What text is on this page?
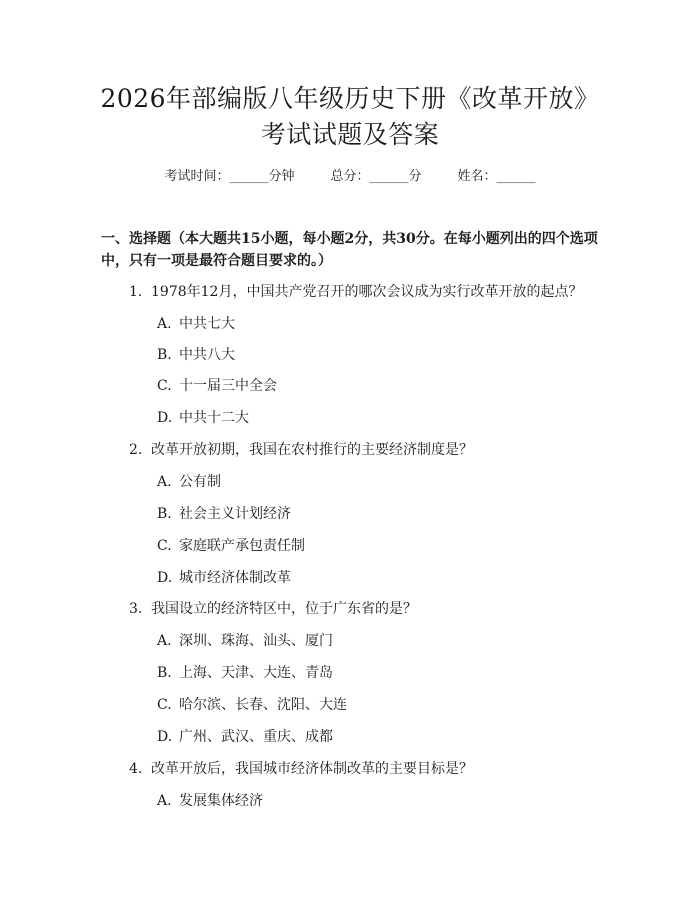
2026年部编版八年级历史下册《改革开放》
考试试题及答案
考试时间：______分钟	总分：______分	姓名：______

一、选择题（本大题共15小题，每小题2分，共30分。在每小题列出的四个选项中，只有一项是最符合题目要求的。）

1. 1978年12月，中国共产党召开的哪次会议成为实行改革开放的起点？
A. 中共七大
B. 中共八大
C. 十一届三中全会
D. 中共十二大
2. 改革开放初期，我国在农村推行的主要经济制度是？
A. 公有制
B. 社会主义计划经济
C. 家庭联产承包责任制
D. 城市经济体制改革
3. 我国设立的经济特区中，位于广东省的是？
A. 深圳、珠海、汕头、厦门
B. 上海、天津、大连、青岛
C. 哈尔滨、长春、沈阳、大连
D. 广州、武汉、重庆、成都
4. 改革开放后，我国城市经济体制改革的主要目标是？
A. 发展集体经济
